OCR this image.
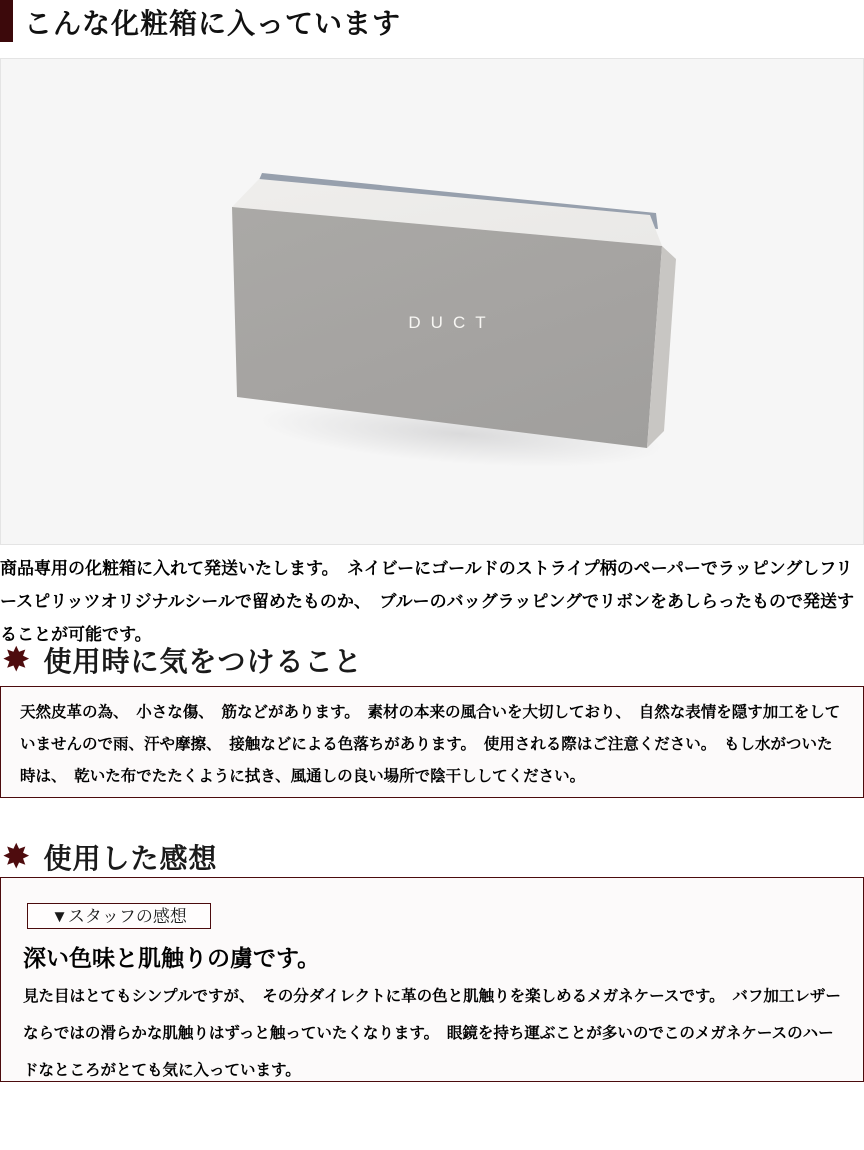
こんな化粧箱に入っています
DUCT

商品専用の化粧箱に入れて発送いたします。　ネイビーにゴールドのストライプ柄のペーパーでラッピングしフリースピリッツオリジナルシールで留めたものか、　ブルーのバッグラッピングでリボンをあしらったもので発送することが可能です。

✸ 使用時に気をつけること

天然皮革の為、　小さな傷、　筋などがあります。　素材の本来の風合いを大切しており、　自然な表情を隠す加工をしていませんので雨、汗や摩擦、　接触などによる色落ちがあります。　使用される際はご注意ください。　もし水がついた時は、　乾いた布でたたくように拭き、風通しの良い場所で陰干ししてください。

✸ 使用した感想
▼スタッフの感想
深い色味と肌触りの虜です。

見た目はとてもシンプルですが、　その分ダイレクトに革の色と肌触りを楽しめるメガネケースです。　バフ加工レザーならではの滑らかな肌触りはずっと触っていたくなります。　眼鏡を持ち運ぶことが多いのでこのメガネケースのハードなところがとても気に入っています。
